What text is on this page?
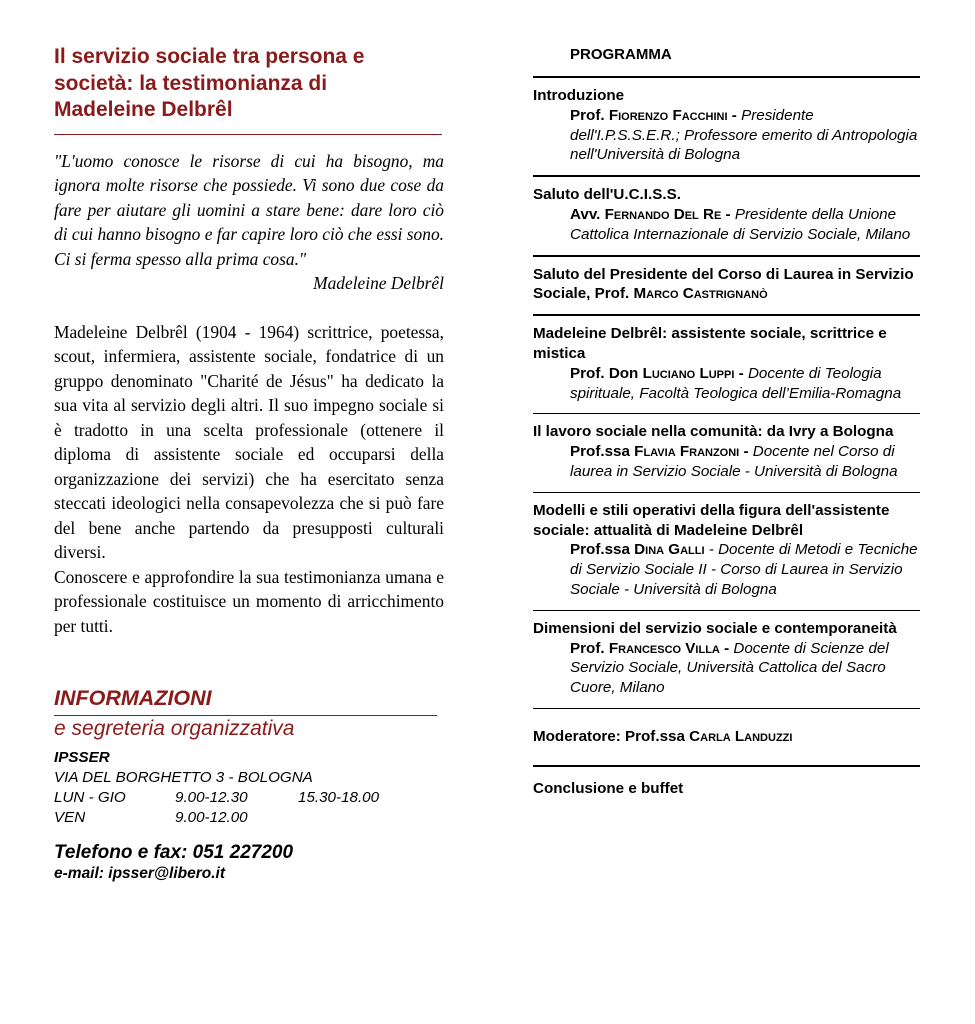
Il servizio sociale tra persona e
società: la testimonianza di
Madeleine Delbrêl
"L'uomo conosce le risorse di cui ha bisogno, ma ignora molte risorse che possiede. Vi sono due cose da fare per aiutare gli uomini a stare bene: dare loro ciò di cui hanno bisogno e far capire loro ciò che essi sono. Ci si ferma spesso alla prima cosa."
Madeleine Delbrêl

Madeleine Delbrêl (1904 - 1964) scrittrice, poetessa, scout, infermiera, assistente sociale, fondatrice di un gruppo denominato "Charité de Jésus" ha dedicato la sua vita al servizio degli altri. Il suo impegno sociale si è tradotto in una scelta professionale (ottenere il diploma di assistente sociale ed occuparsi della organizzazione dei servizi) che ha esercitato senza steccati ideologici nella consapevolezza che si può fare del bene anche partendo da presupposti culturali diversi.

Conoscere e approfondire la sua testimonianza umana e professionale costituisce un momento di arricchimento per tutti.

INFORMAZIONI
e segreteria organizzativa
IPSSER
VIA DEL BORGHETTO 3 - BOLOGNA
LUN - GIO	9.00-12.30	15.30-18.00
VEN	9.00-12.00
Telefono e fax: 051 227200
e-mail: ipsser@libero.it
PROGRAMMA
Introduzione
Prof. Fiorenzo Facchini - Presidente dell'I.P.S.S.E.R.; Professore emerito di Antropologia nell'Università di Bologna
Saluto dell'U.C.I.S.S.
Avv. Fernando Del Re - Presidente della Unione Cattolica Internazionale di Servizio Sociale, Milano
Saluto del Presidente del Corso di Laurea in Servizio Sociale, Prof. Marco Castrignanò
Madeleine Delbrêl: assistente sociale, scrittrice e mistica
Prof. Don Luciano Luppi - Docente di Teologia spirituale, Facoltà Teologica dell’Emilia-Romagna
Il lavoro sociale nella comunità: da Ivry a Bologna
Prof.ssa Flavia Franzoni - Docente nel Corso di laurea in Servizio Sociale - Università di Bologna
Modelli e stili operativi della figura dell'assistente sociale: attualità di Madeleine Delbrêl
Prof.ssa Dina Galli - Docente di Metodi e Tecniche di Servizio Sociale II - Corso di Laurea in Servizio Sociale - Università di Bologna
Dimensioni del servizio sociale e contemporaneità
Prof. Francesco Villa - Docente di Scienze del Servizio Sociale, Università Cattolica del Sacro Cuore, Milano
Moderatore: Prof.ssa Carla Landuzzi
Conclusione e buffet
